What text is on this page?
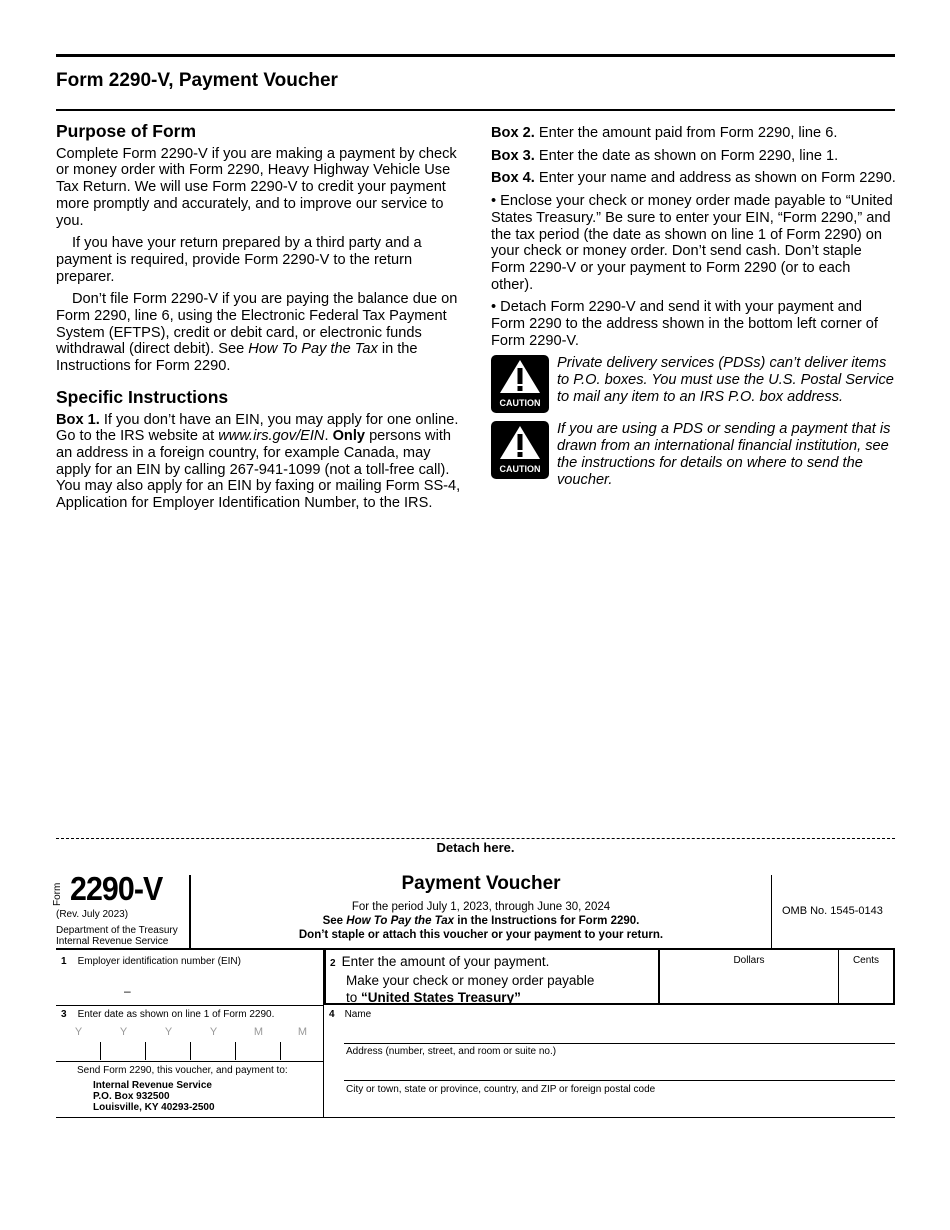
Form 2290-V, Payment Voucher
Purpose of Form

Complete Form 2290-V if you are making a payment by check or money order with Form 2290, Heavy Highway Vehicle Use Tax Return. We will use Form 2290-V to credit your payment more promptly and accurately, and to improve our service to you.

If you have your return prepared by a third party and a payment is required, provide Form 2290-V to the return preparer.

Don’t file Form 2290-V if you are paying the balance due on Form 2290, line 6, using the Electronic Federal Tax Payment System (EFTPS), credit or debit card, or electronic funds withdrawal (direct debit). See How To Pay the Tax in the Instructions for Form 2290.

Specific Instructions

Box 1. If you don’t have an EIN, you may apply for one online. Go to the IRS website at www.irs.gov/EIN. Only persons with an address in a foreign country, for example Canada, may apply for an EIN by calling 267-941-1099 (not a toll-free call). You may also apply for an EIN by faxing or mailing Form SS-4, Application for Employer Identification Number, to the IRS.

Box 2. Enter the amount paid from Form 2290, line 6.

Box 3. Enter the date as shown on Form 2290, line 1.

Box 4. Enter your name and address as shown on Form 2290.

• Enclose your check or money order made payable to “United States Treasury.” Be sure to enter your EIN, “Form 2290,” and the tax period (the date as shown on line 1 of Form 2290) on your check or money order. Don’t send cash. Don’t staple Form 2290-V or your payment to Form 2290 (or to each other).

• Detach Form 2290-V and send it with your payment and Form 2290 to the address shown in the bottom left corner of Form 2290-V.

CAUTION
Private delivery services (PDSs) can’t deliver items to P.O. boxes. You must use the U.S. Postal Service to mail any item to an IRS P.O. box address.
CAUTION
If you are using a PDS or sending a payment that is drawn from an international financial institution, see the instructions for details on where to send the voucher.
Detach here.
Form 2290-V
(Rev. July 2023)
Department of the Treasury
Internal Revenue Service
Payment Voucher
For the period July 1, 2023, through June 30, 2024
See How To Pay the Tax in the Instructions for Form 2290.
Don’t staple or attach this voucher or your payment to your return.
OMB No. 1545-0143
1 Employer identification number (EIN)
–
2 Enter the amount of your payment.
Make your check or money order payable
to “United States Treasury”
Dollars	Cents
3 Enter date as shown on line 1 of Form 2290.
Y	Y	Y	Y	M	M
Send Form 2290, this voucher, and payment to:
Internal Revenue Service
P.O. Box 932500
Louisville, KY 40293-2500
4 Name
Address (number, street, and room or suite no.)
City or town, state or province, country, and ZIP or foreign postal code
